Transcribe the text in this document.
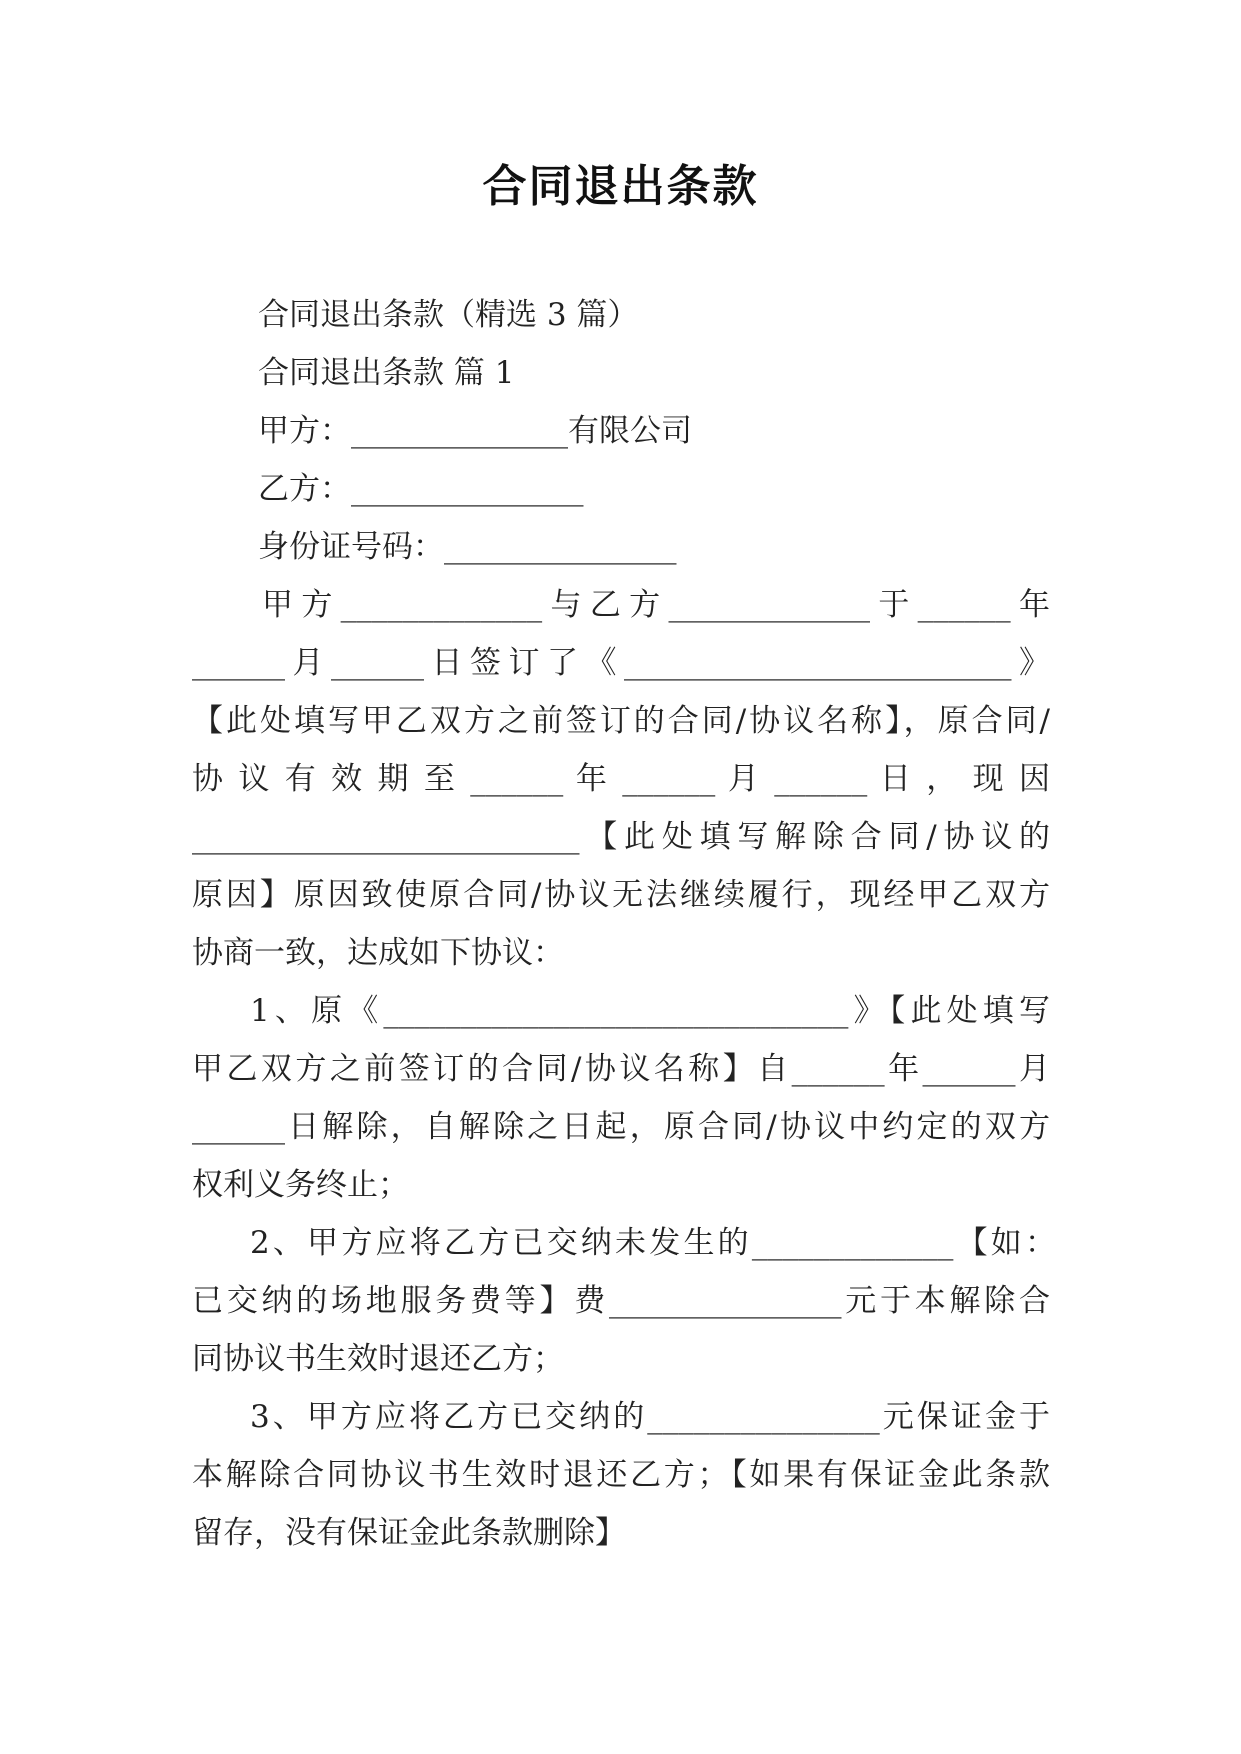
合同退出条款
合同退出条款（精选 3 篇）
合同退出条款 篇 1
甲方：______________有限公司
乙方：_______________
身份证号码：_______________
甲方_____________与乙方_____________于______年
______月______日签订了《_________________________》
【此处填写甲乙双方之前签订的合同/协议名称】，原合同/
协 议 有 效 期 至 ______ 年 ______ 月 ______ 日 ， 现 因
_________________________【此处填写解除合同/协议的
原因】原因致使原合同/协议无法继续履行，现经甲乙双方
协商一致，达成如下协议：
1、原《______________________________》【此处填写
甲乙双方之前签订的合同/协议名称】自______年______月
______日解除，自解除之日起，原合同/协议中约定的双方
权利义务终止；
2、甲方应将乙方已交纳未发生的_____________【如：
已交纳的场地服务费等】费_______________元于本解除合
同协议书生效时退还乙方；
3、甲方应将乙方已交纳的_______________元保证金于
本解除合同协议书生效时退还乙方；【如果有保证金此条款
留存，没有保证金此条款删除】
